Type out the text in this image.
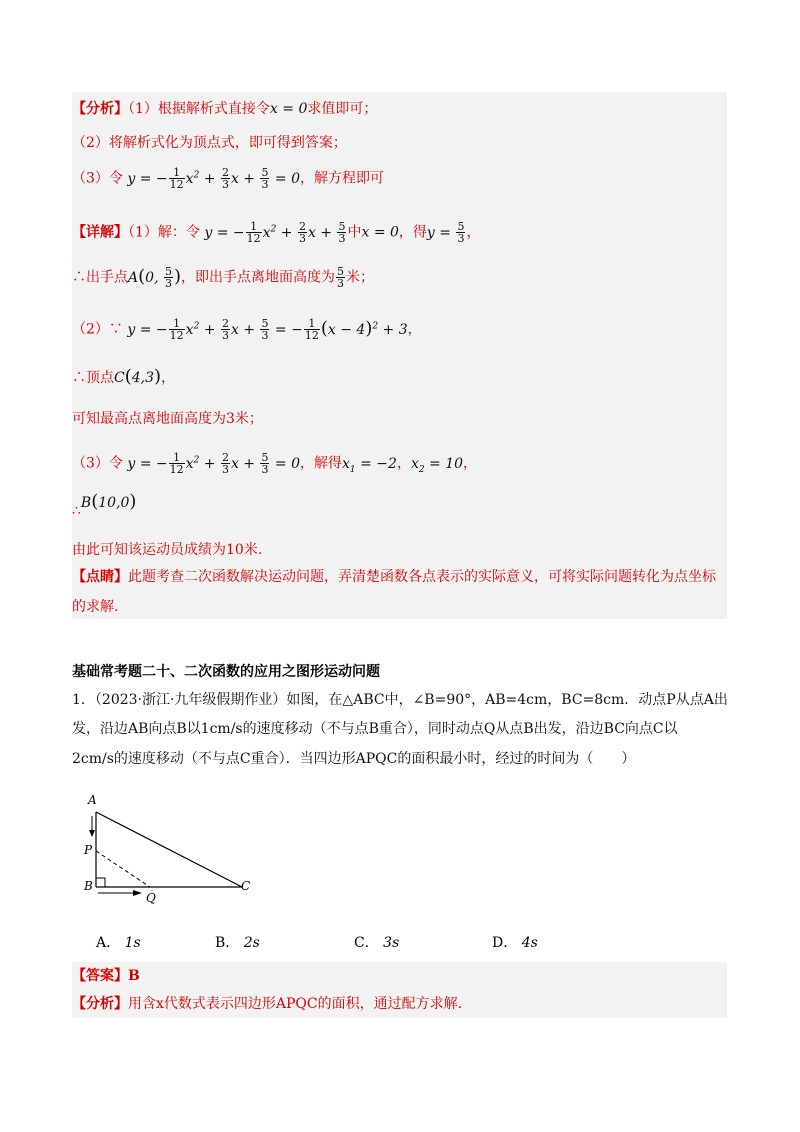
【分析】（1）根据解析式直接令x = 0求值即可；
（2）将解析式化为顶点式，即可得到答案；
（3）令 y = − $\frac{1}{12} x^2 + \frac{2}{3}$ $x + \frac{5}{3} = 0$，解方程即可
【详解】（1）解：令 y = − $\frac{1}{12} x^2 + \frac{2}{3}$ $x + \frac{5}{3}$ 中x = 0，得$y = \frac{5}{3}$ ，
∴出手点A(0, $\frac{5}{3}$ )，即出手点离地面高度为 $\frac{5}{3}$ 米；
（2）∵ y = − $\frac{1}{12} x^2 + \frac{2}{3}$ $x + \frac{5}{3}$ = − $\frac{1}{12} (x - 4)^2 + 3$，
∴顶点C(4,3)，
可知最高点离地面高度为3米；
（3）令 y = − $\frac{1}{12} x^2 + \frac{2}{3}$ $x + \frac{5}{3} = 0$，解得$x_1 = -2$，$x_2 = 10$，
∴B(10,0)
由此可知该运动员成绩为10米.
【点睛】此题考查二次函数解决运动问题，弄清楚函数各点表示的实际意义，可将实际问题转化为点坐标
的求解.
基础常考题二十、二次函数的应用之图形运动问题
1．（2023·浙江·九年级假期作业）如图，在△ABC中，∠B=90°，AB=4cm，BC=8cm．动点P从点A出
发，沿边AB向点B以1cm/s的速度移动（不与点B重合），同时动点Q从点B出发，沿边BC向点C以
2cm/s的速度移动（不与点C重合）．当四边形APQC的面积最小时，经过的时间为（　　）
A
P
B
Q
C
A． 1s	B． 2s	C． 3s	D． 4s
【答案】B
【分析】用含x代数式表示四边形APQC的面积，通过配方求解.
